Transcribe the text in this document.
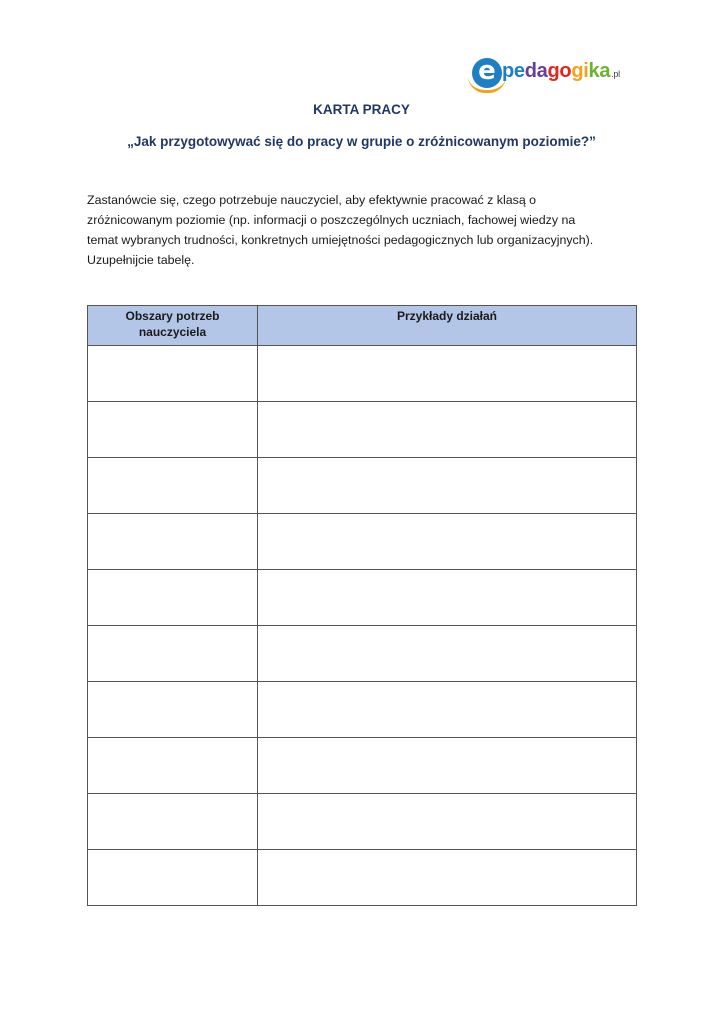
e pedagogika.pl
KARTA PRACY
„Jak przygotowywać się do pracy w grupie o zróżnicowanym poziomie?”

Zastanówcie się, czego potrzebuje nauczyciel, aby efektywnie pracować z klasą o
zróżnicowanym poziomie (np. informacji o poszczególnych uczniach, fachowej wiedzy na
temat wybranych trudności, konkretnych umiejętności pedagogicznych lub organizacyjnych).
Uzupełnijcie tabelę.

Obszary potrzeb
nauczyciela	Przykłady działań
